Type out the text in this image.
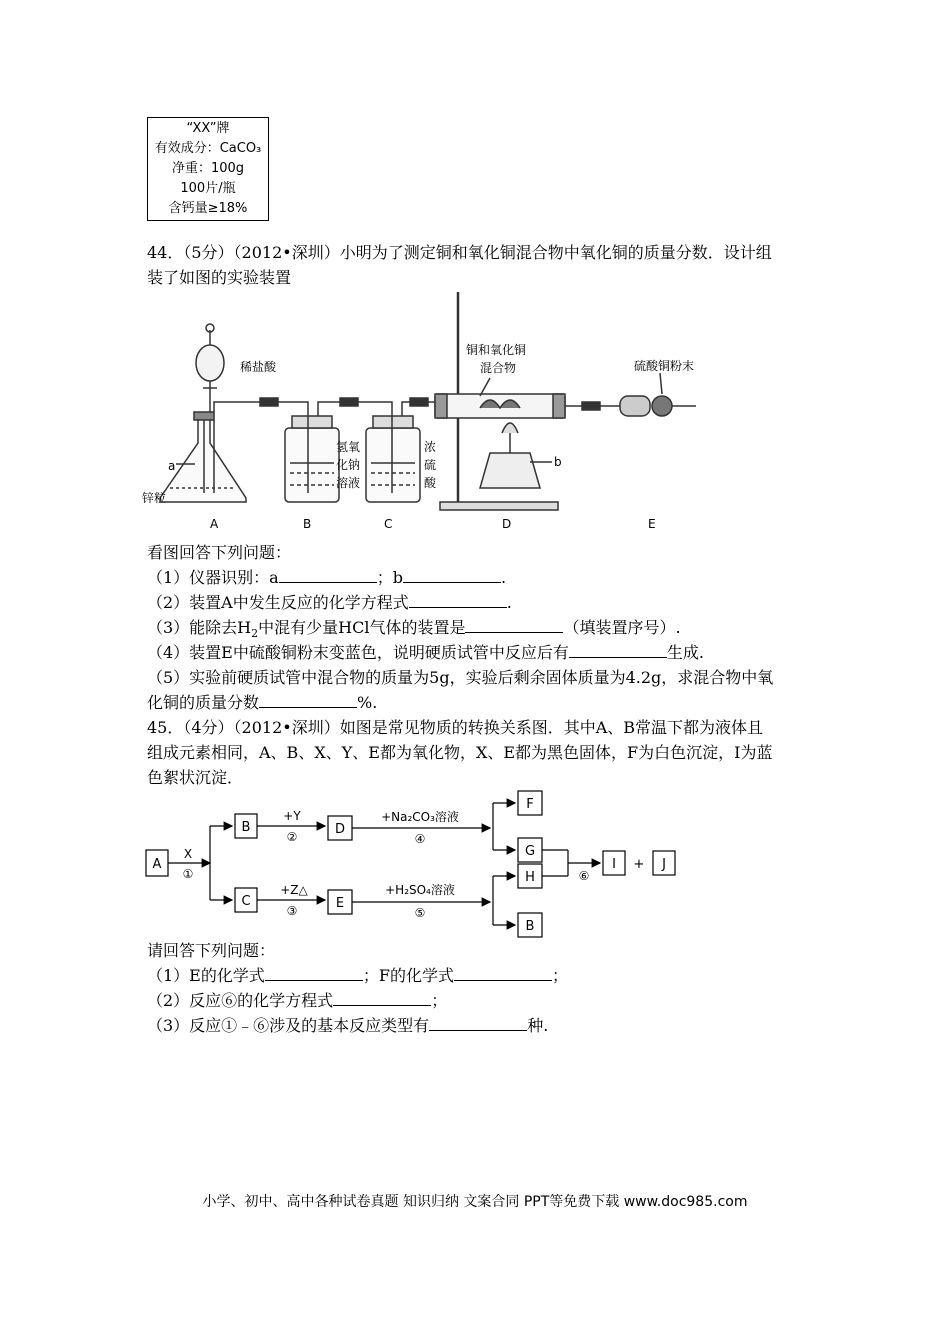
“XX”牌
有效成分：CaCO₃
净重：100g
100片/瓶
含钙量≥18%
44．（5分）（2012•深圳）小明为了测定铜和氧化铜混合物中氧化铜的质量分数．设计组
装了如图的实验装置
稀盐酸
a
锌粒
氢氧
化钠
溶液
浓
硫
酸
铜和氧化铜
混合物	硫酸铜粉末
b
A	B	C	D	E
看图回答下列问题：
（1）仪器识别：a	；b	.
（2）装置A中发生反应的化学方程式	.
（3）能除去$H_2$中混有少量HCl气体的装置是	（填装置序号）.
（4）装置E中硫酸铜粉末变蓝色，说明硬质试管中反应后有	生成.
（5）实验前硬质试管中混合物的质量为5g，实验后剩余固体质量为4.2g，求混合物中氧
化铜的质量分数	%.
45．（4分）（2012•深圳）如图是常见物质的转换关系图．其中A、B常温下都为液体且
组成元素相同，A、B、X、Y、E都为氧化物，X、E都为黑色固体，F为白色沉淀，I为蓝
色絮状沉淀．
A
B
C
D
E
F
G
H
B
I + J
X
①
+Y
②
+Z△
③
+Na₂CO₃溶液
④
+H₂SO₄溶液
⑤
⑥
请回答下列问题：
（1）E的化学式	；F的化学式	；
（2）反应⑥的化学方程式	；
（3）反应①﹣⑥涉及的基本反应类型有	种.
小学、初中、高中各种试卷真题 知识归纳 文案合同 PPT等免费下载 www.doc985.com
